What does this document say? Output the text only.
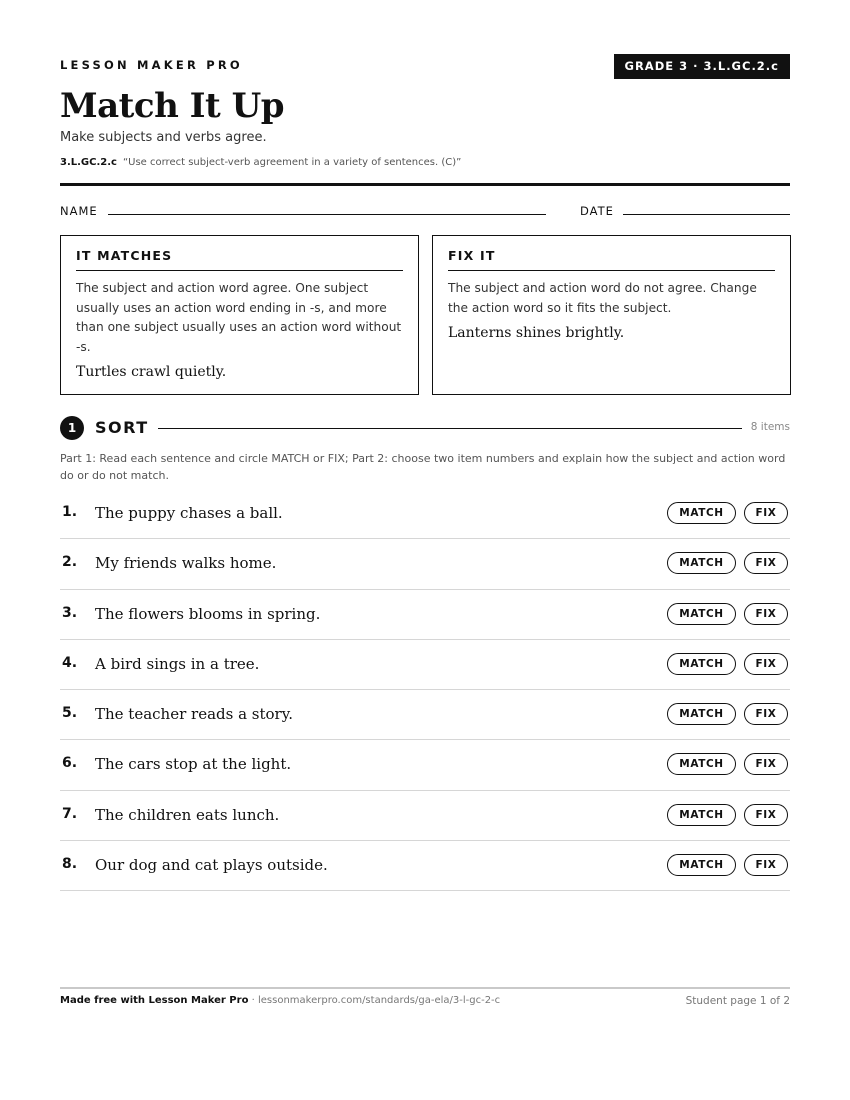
LESSON MAKER PRO	GRADE 3 · 3.L.GC.2.c
Match It Up
Make subjects and verbs agree.
3.L.GC.2.c “Use correct subject-verb agreement in a variety of sentences. (C)”
NAME	DATE
IT MATCHES
The subject and action word agree. One subject usually uses an action word ending in -s, and more than one subject usually uses an action word without -s.
Turtles crawl quietly.
FIX IT
The subject and action word do not agree. Change the action word so it fits the subject.
Lanterns shines brightly.
1	SORT	8 items
Part 1: Read each sentence and circle MATCH or FIX; Part 2: choose two item numbers and explain how the subject and action word do or do not match.
1. The puppy chases a ball.	MATCH	FIX
2. My friends walks home.	MATCH	FIX
3. The flowers blooms in spring.	MATCH	FIX
4. A bird sings in a tree.	MATCH	FIX
5. The teacher reads a story.	MATCH	FIX
6. The cars stop at the light.	MATCH	FIX
7. The children eats lunch.	MATCH	FIX
8. Our dog and cat plays outside.	MATCH	FIX
Made free with Lesson Maker Pro · lessonmakerpro.com/standards/ga-ela/3-l-gc-2-c	Student page 1 of 2
